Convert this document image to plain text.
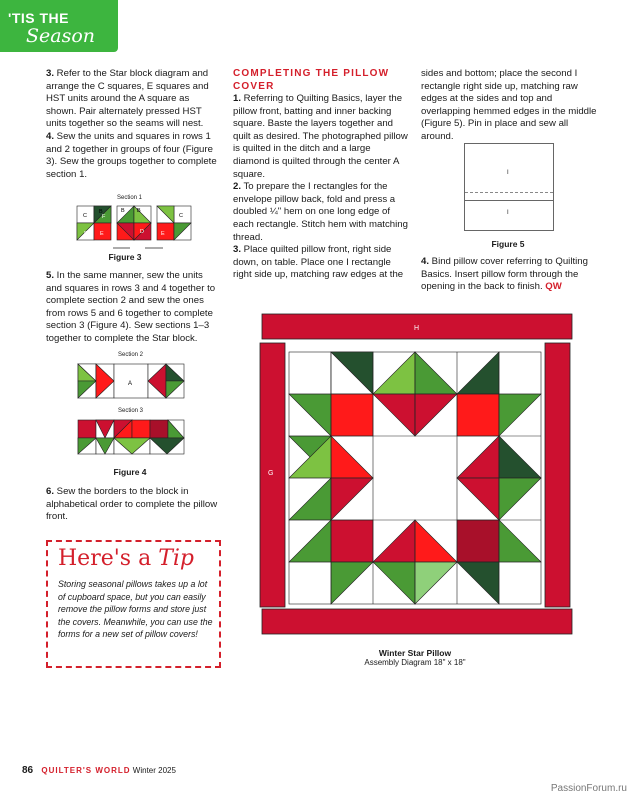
'TIS THE
Season

3. Refer to the Star block diagram and arrange the C squares, E squares and HST units around the A square as shown. Pair alternately pressed HST units together so the seams will nest.

4. Sew the units and squares in rows 1 and 2 together in groups of four (Figure 3). Sew the groups together to complete section 1.

Section 1
C
B
F
B B
C
F E	D	E
Figure 3

5. In the same manner, sew the units and squares in rows 3 and 4 together to complete section 2 and sew the ones from rows 5 and 6 together to complete section 3 (Figure 4). Sew sections 1–3 together to complete the Star block.

Section 2
A
Section 3
Figure 4

6. Sew the borders to the block in alphabetical order to complete the pillow front.

Here's a Tip
Storing seasonal pillows takes up a lot of cupboard space, but you can easily remove the pillow forms and store just the covers. Meanwhile, you can use the forms for a new set of pillow covers!
COMPLETING THE PILLOW COVER

1. Referring to Quilting Basics, layer the pillow front, batting and inner backing square. Baste the layers together and quilt as desired. The photographed pillow is quilted in the ditch and a large diamond is quilted through the center A square.

2. To prepare the I rectangles for the envelope pillow back, fold and press a doubled ¼" hem on one long edge of each rectangle. Stitch hem with matching thread.

3. Place quilted pillow front, right side down, on table. Place one I rectangle right side up, matching raw edges at the

sides and bottom; place the second I rectangle right side up, matching raw edges at the sides and top and overlapping hemmed edges in the middle (Figure 5). Pin in place and sew all around.

I
I
Figure 5

4. Bind pillow cover referring to Quilting Basics. Insert pillow form through the opening in the back to finish. QW

H
G
Winter Star Pillow
Assembly Diagram 18" x 18"
86 QUILTER'S WORLD Winter 2025
PassionForum.ru
